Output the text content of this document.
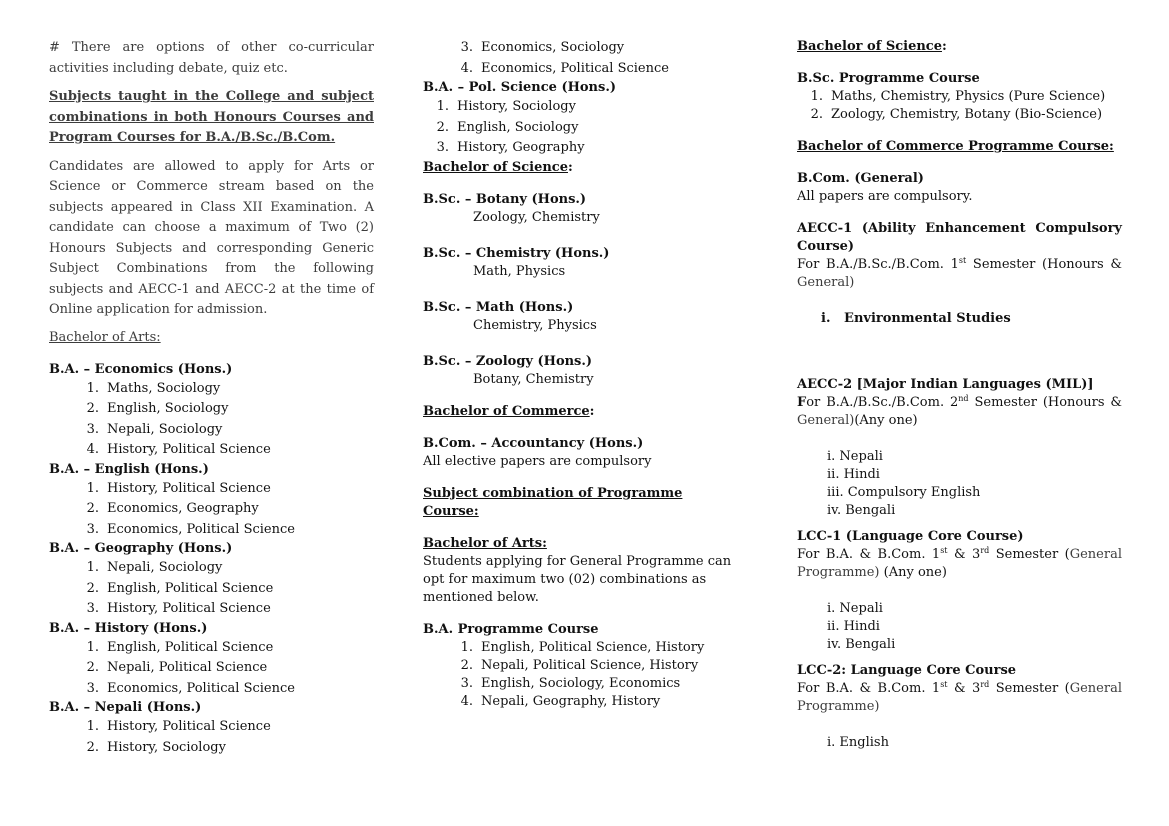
# There are options of other co-curricular activities including debate, quiz etc.

Subjects taught in the College and subject combinations in both Honours Courses and Program Courses for B.A./B.Sc./B.Com.

Candidates are allowed to apply for Arts or Science or Commerce stream based on the subjects appeared in Class XII Examination. A candidate can choose a maximum of Two (2) Honours Subjects and corresponding Generic Subject Combinations from the following subjects and AECC-1 and AECC-2 at the time of Online application for admission.

Bachelor of Arts:

B.A. – Economics (Hons.)

1. Maths, Sociology
2. English, Sociology
3. Nepali, Sociology
4. History, Political Science

B.A. – English (Hons.)

1. History, Political Science
2. Economics, Geography
3. Economics, Political Science

B.A. – Geography (Hons.)

1. Nepali, Sociology
2. English, Political Science
3. History, Political Science

B.A. – History (Hons.)

1. English, Political Science
2. Nepali, Political Science
3. Economics, Political Science

B.A. – Nepali (Hons.)

1. History, Political Science
2. History, Sociology
3. Economics, Sociology
4. Economics, Political Science

B.A. – Pol. Science (Hons.)

1. History, Sociology
2. English, Sociology
3. History, Geography

Bachelor of Science:

B.Sc. – Botany (Hons.)

Zoology, Chemistry

B.Sc. – Chemistry (Hons.)

Math, Physics

B.Sc. – Math (Hons.)

Chemistry, Physics

B.Sc. – Zoology (Hons.)

Botany, Chemistry

Bachelor of Commerce:

B.Com. – Accountancy (Hons.)

All elective papers are compulsory

Subject combination of Programme Course:

Bachelor of Arts:

Students applying for General Programme can opt for maximum two (02) combinations as mentioned below.

B.A. Programme Course

1. English, Political Science, History
2. Nepali, Political Science, History
3. English, Sociology, Economics
4. Nepali, Geography, History

Bachelor of Science:

B.Sc. Programme Course

1. Maths, Chemistry, Physics (Pure Science)
2. Zoology, Chemistry, Botany (Bio-Science)

Bachelor of Commerce Programme Course:

B.Com. (General)

All papers are compulsory.

AECC-1 (Ability Enhancement Compulsory Course)

For B.A./B.Sc./B.Com. 1st Semester (Honours & General)

i. Environmental Studies

AECC-2 [Major Indian Languages (MIL)]

For B.A./B.Sc./B.Com. 2nd Semester (Honours & General)(Any one)

i. Nepali
ii. Hindi
iii. Compulsory English
iv. Bengali

LCC-1 (Language Core Course)

For B.A. & B.Com. 1st & 3rd Semester (General Programme) (Any one)

i. Nepali
ii. Hindi
iv. Bengali

LCC-2: Language Core Course

For B.A. & B.Com. 1st & 3rd Semester (General Programme)

i. English
